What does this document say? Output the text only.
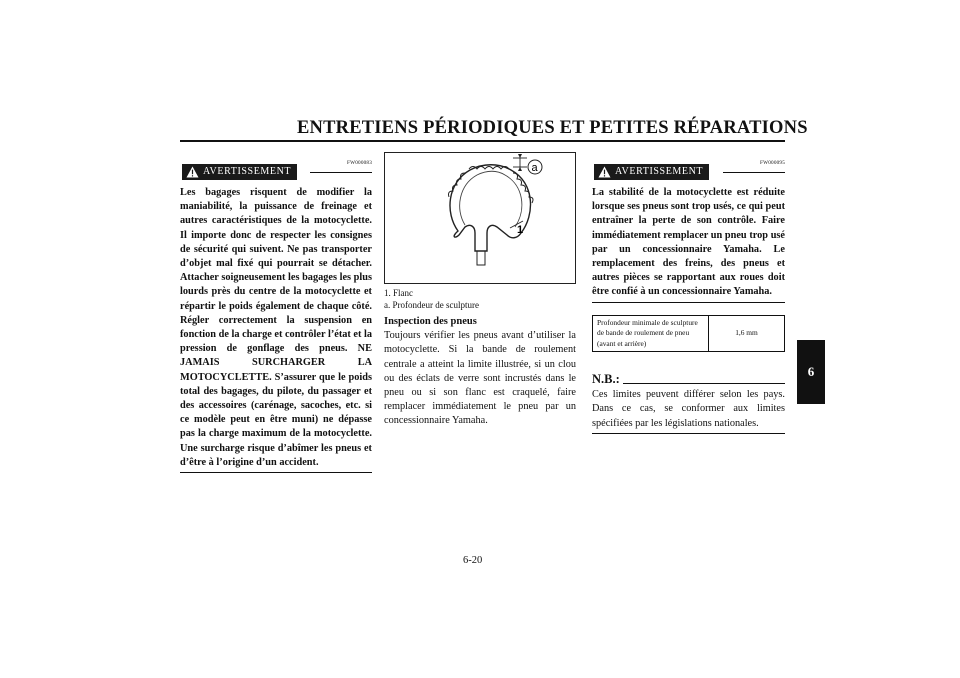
ENTRETIENS PÉRIODIQUES ET PETITES RÉPARATIONS
FW000083
AVERTISSEMENT

Les bagages risquent de modifier la maniabilité, la puissance de freinage et autres caractéristiques de la motocyclette. Il importe donc de respecter les consignes de sécurité qui suivent. Ne pas transporter d’objet mal fixé qui pourrait se détacher. Attacher soigneusement les bagages les plus lourds près du centre de la motocyclette et répartir le poids également de chaque côté. Régler correctement la suspension en fonction de la charge et contrôler l’état et la pression de gonflage des pneus. NE JAMAIS SURCHARGER LA MOTOCYCLETTE. S’assurer que le poids total des bagages, du pilote, du passager et des accessoires (carénage, sacoches, etc. si ce modèle peut en être muni) ne dépasse pas la charge maximum de la motocyclette. Une surcharge risque d’abîmer les pneus et d’être à l’origine d’un accident.

a
1
1. Flanc
a. Profondeur de sculpture
Inspection des pneus

Toujours vérifier les pneus avant d’utiliser la motocyclette. Si la bande de roulement centrale a atteint la limite illustrée, si un clou ou des éclats de verre sont incrustés dans le pneu ou si son flanc est craquelé, faire remplacer immédiatement le pneu par un concessionnaire Yamaha.

FW000095
AVERTISSEMENT

La stabilité de la motocyclette est réduite lorsque ses pneus sont trop usés, ce qui peut entraîner la perte de son contrôle. Faire immédiatement remplacer un pneu trop usé par un concessionnaire Yamaha. Le remplacement des freins, des pneus et autres pièces se rapportant aux roues doit être confié à un concessionnaire Yamaha.

Profondeur minimale de sculpture de bande de roulement de pneu (avant et arrière)	1,6 mm
N.B.:

Ces limites peuvent différer selon les pays. Dans ce cas, se conformer aux limites spécifiées par les législations nationales.

6
6-20
